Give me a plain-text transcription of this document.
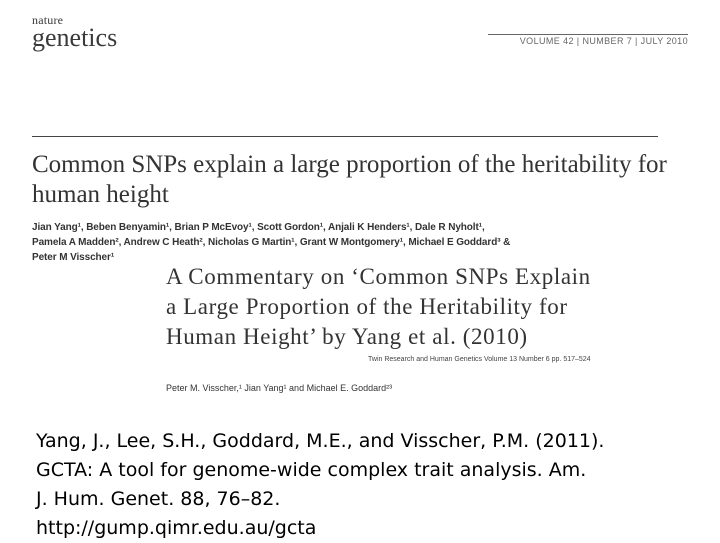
nature
genetics	VOLUME 42 | NUMBER 7 | JULY 2010
Common SNPs explain a large proportion of the heritability for human height
Jian Yang¹, Beben Benyamin¹, Brian P McEvoy¹, Scott Gordon¹, Anjali K Henders¹, Dale R Nyholt¹,
Pamela A Madden², Andrew C Heath², Nicholas G Martin¹, Grant W Montgomery¹, Michael E Goddard³ &
Peter M Visscher¹
A Commentary on ‘Common SNPs Explain
a Large Proportion of the Heritability for
Human Height’ by Yang et al. (2010)
Twin Research and Human Genetics Volume 13 Number 6 pp. 517–524
Peter M. Visscher,¹ Jian Yang¹ and Michael E. Goddard²³
Yang, J., Lee, S.H., Goddard, M.E., and Visscher, P.M. (2011).
GCTA: A tool for genome-wide complex trait analysis. Am.
J. Hum. Genet. 88, 76–82.
http://gump.qimr.edu.au/gcta
